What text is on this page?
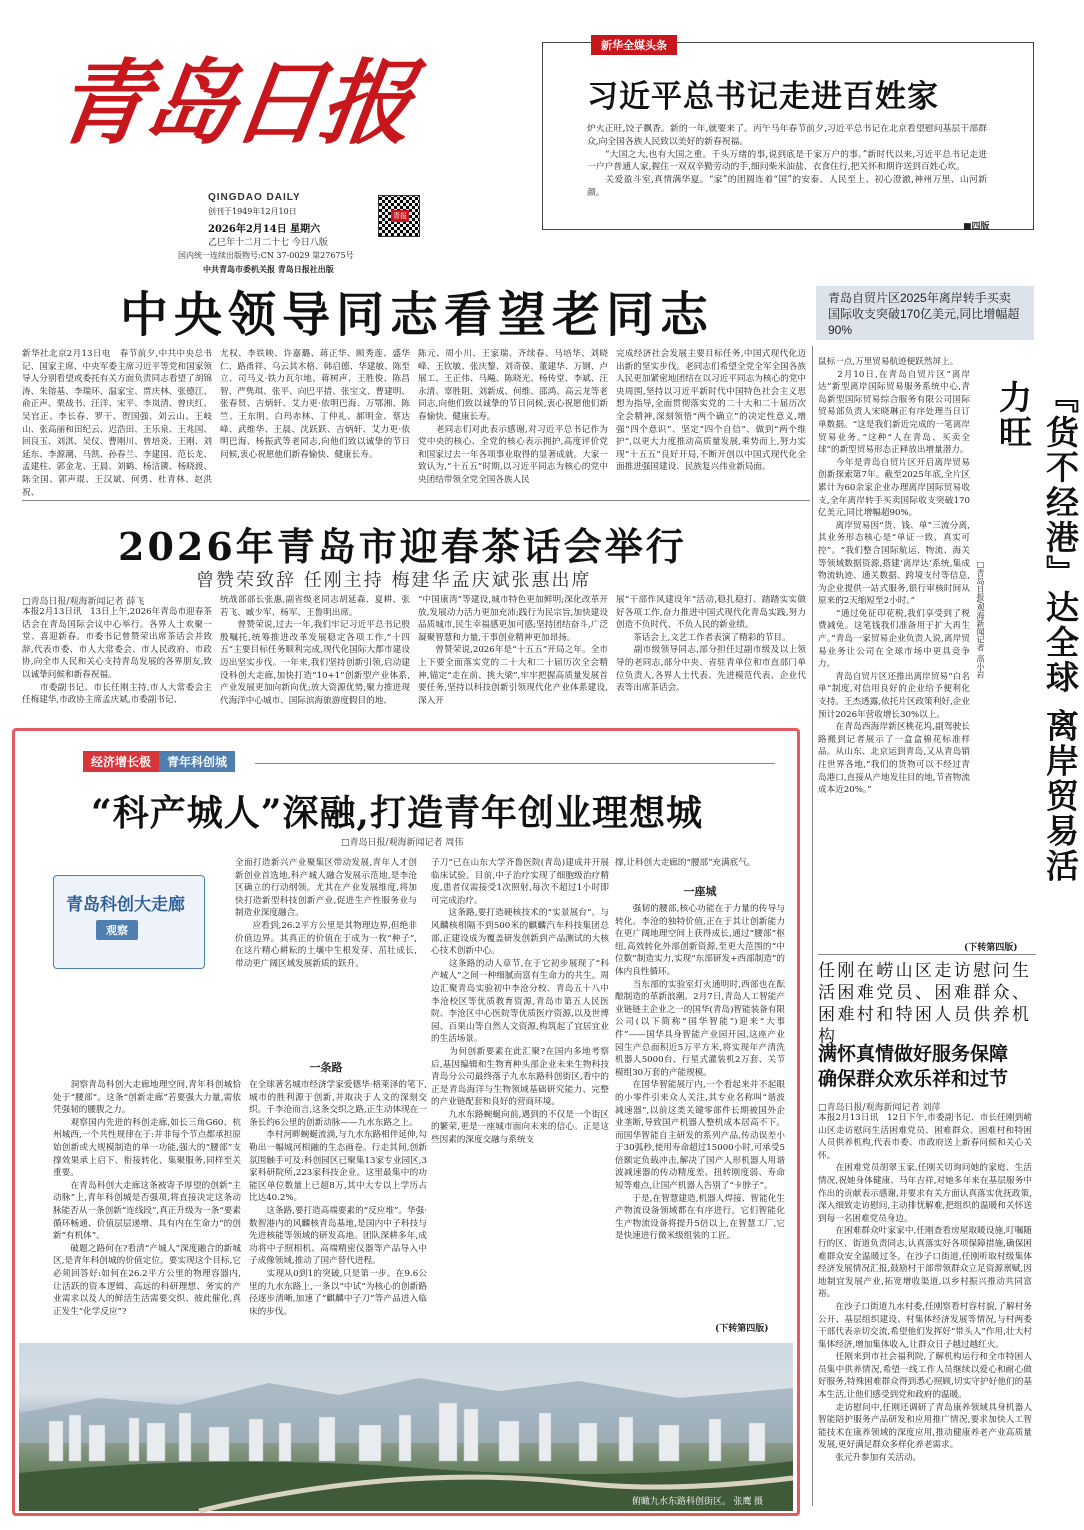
青岛日报
QINGDAO DAILY
创刊于1949年12月10日
2026年2月14日 星期六
乙巳年十二月二十七 今日八版
国内统一连续出版物号:CN 37-0029 第27675号
中共青岛市委机关报 青岛日报社出版
青报
新华全媒头条
习近平总书记走进百姓家
炉火正旺,饺子飘香。新的一年,就要来了。丙午马年春节前夕,习近平总书记在北京看望慰问基层干部群众,向全国各族人民致以美好的新春祝福。
　　“大国之大,也有大国之重。千头万绪的事,说到底是千家万户的事。”新时代以来,习近平总书记走进一户户普通人家,握住一双双辛勤劳动的手,细问柴米油盐、衣食住行,把关怀和期许送到百姓心坎。
　　关爱盈斗室,真情满华夏。“家”的团圆连着“国”的安泰。人民至上、初心澄澈,神州万里、山河新颜。
■四版
中央领导同志看望老同志	青岛自贸片区2025年离岸转手买卖国际收支突破170亿美元,同比增幅超90%
新华社北京2月13日电　春节前夕,中共中央总书记、国家主席、中央军委主席习近平等党和国家领导人分别看望或委托有关方面负责同志看望了胡锦涛、朱镕基、李瑞环、温家宝、贾庆林、张德江、俞正声、栗战书、汪洋、宋平、李岚清、曾庆红、吴官正、李长春、罗干、贺国强、刘云山、王岐山、张高丽和田纪云、迟浩田、王乐泉、王兆国、回良玉、刘淇、吴仪、曹刚川、曾培炎、王刚、刘延东、李源潮、马凯、孙春兰、李建国、范长龙、孟建柱、郭金龙、王晨、刘鹤、杨洁篪、杨晓渡、陈全国、郭声琨、王汉斌、何勇、杜青林、赵洪祝、
尤权、李铁映、许嘉璐、蒋正华、顾秀莲、盛华仁、路甬祥、乌云其木格、韩启德、华建敏、陈至立、司马义·铁力瓦尔地、蒋树声、王胜俊、陈昌智、严隽琪、张平、向巴平措、张宝文、曹建明、张春贤、吉炳轩、艾力更·依明巴海、万鄂湘、陈竺、王东明、白玛赤林、丁仲礼、郝明金、蔡达峰、武维华、王晨、沈跃跃、吉炳轩、艾力更·依明巴海、杨振武等老同志,向他们致以诚挚的节日问候,衷心祝愿他们新春愉快、健康长寿。
陈元、周小川、王家瑞、齐续春、马培华、刘晓峰、王钦敏、张庆黎、刘奇葆、董建华、万钢、卢展工、王正伟、马飚、陈晓光、杨传堂、李斌、汪永清、辜胜阻、刘新成、何维、邵鸿、高云龙等老同志,向他们致以诚挚的节日问候,衷心祝愿他们新春愉快、健康长寿。
　　老同志们对此表示感谢,对习近平总书记作为党中央的核心、全党的核心表示拥护,高度评价党和国家过去一年各项事业取得的显著成就。大家一致认为,“十五五”时期,以习近平同志为核心的党中央团结带领全党全国各族人民
完成经济社会发展主要目标任务,中国式现代化迈出新的坚实步伐。老同志们希望全党全军全国各族人民更加紧密地团结在以习近平同志为核心的党中央周围,坚持以习近平新时代中国特色社会主义思想为指导,全面贯彻落实党的二十大和二十届历次全会精神,深刻领悟“两个确立”的决定性意义,增强“四个意识”、坚定“四个自信”、做到“两个维护”,以更大力度推动高质量发展,乘势而上,努力实现“十五五”良好开局,不断开创以中国式现代化全面推进强国建设、民族复兴伟业新局面。
2026年青岛市迎春茶话会举行
曾赞荣致辞 任刚主持 梅建华孟庆斌张惠出席
□青岛日报/观海新闻记者 薛飞
本报2月13日讯　13日上午,2026年青岛市迎春茶话会在青岛国际会议中心举行。各界人士欢聚一堂、喜迎新春。市委书记曾赞荣出席茶话会并致辞,代表市委、市人大常委会、市人民政府、市政协,向全市人民和关心支持青岛发展的各界朋友,致以诚挚问候和新春祝福。
　　市委副书记、市长任刚主持,市人大常委会主任梅建华,市政协主席孟庆斌,市委副书记、
统战部部长张惠,副省级老同志胡延森、夏耕、张若飞、臧少军、杨军、王鲁明出席。
　　曾赞荣说,过去一年,我们牢记习近平总书记殷殷嘱托,统筹推进改革发展稳定各项工作,“十四五”主要目标任务顺利完成,现代化国际大都市建设迈出坚实步伐。一年来,我们坚持创新引领,启动建设科创大走廊,加快打造“10+1”创新型产业体系,产业发展更加向新向优;放大资源优势,聚力推进现代海洋中心城市、国际滨海旅游度假目的地、
“中国康湾”等建设,城市特色更加鲜明;深化改革开放,发展动力活力更加充沛;践行为民宗旨,加快建设品质城市,民生幸福感更加可感;坚持团结奋斗,广泛凝聚智慧和力量,干事创业精神更加昂扬。
　　曾赞荣说,2026年是“十五五”开局之年。全市上下要全面落实党的二十大和二十届历次全会精神,锚定“走在前、挑大梁”,牢牢把握高质量发展首要任务,坚持以科技创新引领现代化产业体系建设,深入开
展“干部作风建设年”活动,稳扎稳打、踏踏实实做好各项工作,奋力推进中国式现代化青岛实践,努力创造不负时代、不负人民的新业绩。
　　茶话会上,文艺工作者表演了精彩的节目。
　　副市级领导同志,部分担任过副市级及以上领导的老同志,部分中央、省驻青单位和市直部门单位负责人,各界人士代表、先进模范代表、企业代表等出席茶话会。
鼠标一点,万里贸易航迹便跃然屏上。
　　2月10日,在青岛自贸片区“离岸达”新型离岸国际贸易服务系统中心,青岛新型国际贸易综合服务有限公司国际贸易部负责人宋晓琳正有序处理当日订单数据。“这是我们新近完成的一笔离岸贸易业务。”这种“人在青岛、买卖全球”的新型贸易形态正释放出增量潜力。
　　今年是青岛自贸片区开启离岸贸易创新探索第7年。截至2025年底,全片区累计为60余家企业办理离岸国际贸易收支,全年离岸转手买卖国际收支突破170亿美元,同比增幅超90%。
　　离岸贸易因“货、钱、单”三流分离,其业务形态核心是“单证一致、真实可控”。“我们整合国际航运、物流、海关等领域数据资源,搭建‘离岸达’系统,集成物流轨迹、通关数据、跨境支付等信息,为企业提供一站式服务,银行审核时间从原来的2天缩短至2小时。”
　　“通过免征印花税,我们享受到了税费减免。这笔钱我们准备用于扩大再生产。”青岛一家贸易企业负责人说,离岸贸易业务让公司在全球市场中更具竞争力。
　　青岛自贸片区还推出离岸贸易“白名单”制度,对信用良好的企业给予便利化支持。王杰透露,依托片区政策利好,企业预计2026年营收增长30%以上。
　　在青岛西海岸新区桃花坞,副驾驶长路搬到记者展示了一盒盒棉花标准样品。从山东、北京运到青岛,又从青岛销往世界各地,“我们的货物可以不经过青岛港口,直接从产地发往目的地,节省物流成本近20%。”
(下转第四版)
『货不经港』达全球 离岸贸易活力旺
□青岛日报/观海新闻记者 高小岩
任刚在崂山区走访慰问生活困难党员、困难群众、困难村和特困人员供养机构
满怀真情做好服务保障 确保群众欢乐祥和过节
□青岛日报/观海新闻记者 刘萍
本报2月13日讯　12日下午,市委副书记、市长任刚到崂山区走访慰问生活困难党员、困难群众、困难村和特困人员供养机构,代表市委、市政府送上新春问候和关心关怀。
　　在困难党员胡翠玉家,任刚关切询问她的家庭、生活情况,祝她身体健康、马年吉祥,对她多年来在基层服务中作出的贡献表示感谢,并要求有关方面认真落实优抚政策,深入细致走访慰问,主动排忧解难,把组织的温暖和关怀送到每一名困难党员身边。
　　在困难群众叶家家中,任刚查看房屋取暖设施,叮嘱随行的区、街道负责同志,认真落实好各项保障措施,确保困难群众安全温暖过冬。在沙子口街道,任刚听取村级集体经济发展情况汇报,鼓励村干部带领群众立足资源禀赋,因地制宜发展产业,拓宽增收渠道,以乡村振兴推动共同富裕。
　　在沙子口街道九水村委,任刚察看村容村貌,了解村务公开、基层组织建设、村集体经济发展等情况,与村两委干部代表亲切交流,希望他们发挥好“带头人”作用,壮大村集体经济,增加集体收入,让群众日子越过越红火。
　　任刚来到市社会福利院,了解机构运行和全市特困人员集中供养情况,希望一线工作人员继续以爱心和耐心做好服务,特殊困难群众得到悉心照顾,切实守护好他们的基本生活,让他们感受到党和政府的温暖。
　　走访慰问中,任刚还调研了青岛康养领域具身机器人智能陪护服务产品研发和应用推广情况,要求加快人工智能技术在康养领域的深度应用,推动健康养老产业高质量发展,更好满足群众多样化养老需求。
　　张元升参加有关活动。
经济增长极	青年科创城
“科产城人”深融,打造青年创业理想城
□青岛日报/观海新闻记者 周伟
青岛科创大走廊
观察
全面打造新兴产业聚集区带动发展,青年人才创新创业首选地,科产城人融合发展示范地,是李沧区确立的行动纲领。尤其在产业发展维度,将加快打造新型科技创新产业,促进生产性服务业与制造业深度融合。
　　应看到,26.2平方公里是其物理边界,但绝非价值边界。其真正的价值在于成为一枚“种子”,在这片精心耕耘的土壤中生根发芽、茁壮成长,带动更广阔区域发展新质的跃升。
一条路
　　洞察青岛科创大走廊地理空间,青年科创城恰处于“腰部”。这条“创新走廊”若要强大力量,需依凭强韧的腰腹之力。
　　观察国内先进的科创走廊,如长三角G60、杭州城西,一个共性规律在于:并非每个节点都承担原始创新或大规模制造的单一功能,强大的“腰部”支撑效果承上启下、衔接转化、集聚服务,同样至关重要。
　　在青岛科创大走廊这条被寄予厚望的创新“主动脉”上,青年科创城是否强项,将直接决定这条动脉能否从一条创新“连线段”,真正升级为一条“要素循环畅通、价值层层递增、具有内在生命力”的创新“有机体”。
　　破题之路何在?看清“产城人”深度融合的新城区,是青年科创城的价值定位。要实现这个目标,它必须回答好:如何在26.2平方公里的物理容器内,让活跃的资本逻辑、高远的科研理想、务实的产业需求以及人的鲜活生活需要交织、彼此催化,真正发生“化学反应”?
在全球著名城市经济学家爱德华·格莱泽的笔下,城市的胜利源于创新,并取决于人文的深刻交织。千李沧而言,这条交织之路,正生动体现在一条长约6公里的创新动脉——九水东路之上。
　　李村河畔蜿蜒流淌,与九水东路相伴延伸,勾勒出一幅城河相融的生态画卷。行走其间,创新氛围触手可及:科创园区已聚集13家专业园区,3家科研院所,223家科技企业。这里最集中的功能区单位数量上已超8万,其中大专以上学历占比达40.2%。
　　这条路,要打造高端要素的“反应堆”。华强·数智港内的风麟核青岛基地,是国内中子科技与先进核能等领域的研发高地。团队深耕多年,成功将中子照相机、高端精密仪器等产品导入中子成像领域,推动了国产替代进程。
　　实现从0到1的突破,只是第一步。在9.6公里的九水东路上,一条以“中试”为核心的创新路径逐步清晰,加速了“麒麟中子刀”等产品进入临床的步伐。
子刀”已在山东大学齐鲁医院(青岛)建成并开展临床试验。目前,中子治疗实现了细胞级治疗精度,患者仅需接受1次照射,每次不超过1小时即可完成治疗。
　　这条路,要打造硬核技术的“实景展台”。与风麟核相隔不到500米的麒麟汽车科技集团总部,正建设成为覆盖研发创新到产品测试的大核心技术创新中心。
　　这条路的动人章节,在于它初步展现了“科产城人”之间一种细腻而富有生命力的共生。周边汇聚青岛实验初中李沧分校、青岛五十八中李沧校区等优质教育资源,青岛市第五人民医院、李沧区中心医院等优质医疗资源,以及世博园、百果山等自然人文资源,构筑起了宜居宜业的生活场景。
　　为何创新要素在此汇聚?在国内多地考察后,基因编辑和生物育种头部企业未来生物科技青岛分公司最终落子九水东路科创街区,看中的正是青岛海洋与生物领域基础研究能力、完整的产业链配套和良好的营商环境。
　　九水东路蜿蜒向前,遇到的不仅是一个街区的繁荣,更是一座城市面向未来的信心。正是这些因素的深度交融与系统支
撑,让科创大走廊的“腰部”充满底气。
一座城
　　强韧的腰部,核心功能在于力量的传导与转化。李沧的独特价值,正在于其让创新能力在更广阔地理空间上获得成长,通过“腰部”枢纽,高效转化外部创新资源,至更大范围的“中位数”制造实力,实现“东部研发+西部制造”的体内良性循环。
　　当东部的实验室灯火通明时,西部也在酝酿制造的革新浪潮。2月7日,青岛人工智能产业链链主企业之一的国华(青岛)智能装备有限公司(以下简称“国华智能”)迎来“大事件”——国华具身智能产业园开园,这座产业园生产总面积近5万平方米,将实现年产清洗机器人5000台、行星式灌装机2万套、关节模组30万套的产能规模。
　　在国华智能展厅内,一个看起来并不起眼的小零件引来众人关注,其专业名称叫“谐波减速器”,以前这类关键零部件长期被国外企业垄断,导致国产机器人整机成本居高不下。而国华智能自主研发的系列产品,传动误差小于30弧秒,使用寿命超过15000小时,可承受5倍额定负载冲击,解决了国产人形机器人用谐波减速器的传动精度差、扭转刚度弱、寿命短等难点,让国产机器人告别了“卡脖子”。
　　于是,在智慧建造,机器人焊接、智能化生产物流设备领域都在有序进行。它们智能化生产物流设备将提升5倍以上,在智慧工厂,它是快速进行微米级组装的工匠。
(下转第四版)
俯瞰九水东路科创街区。 张鹰 摄
